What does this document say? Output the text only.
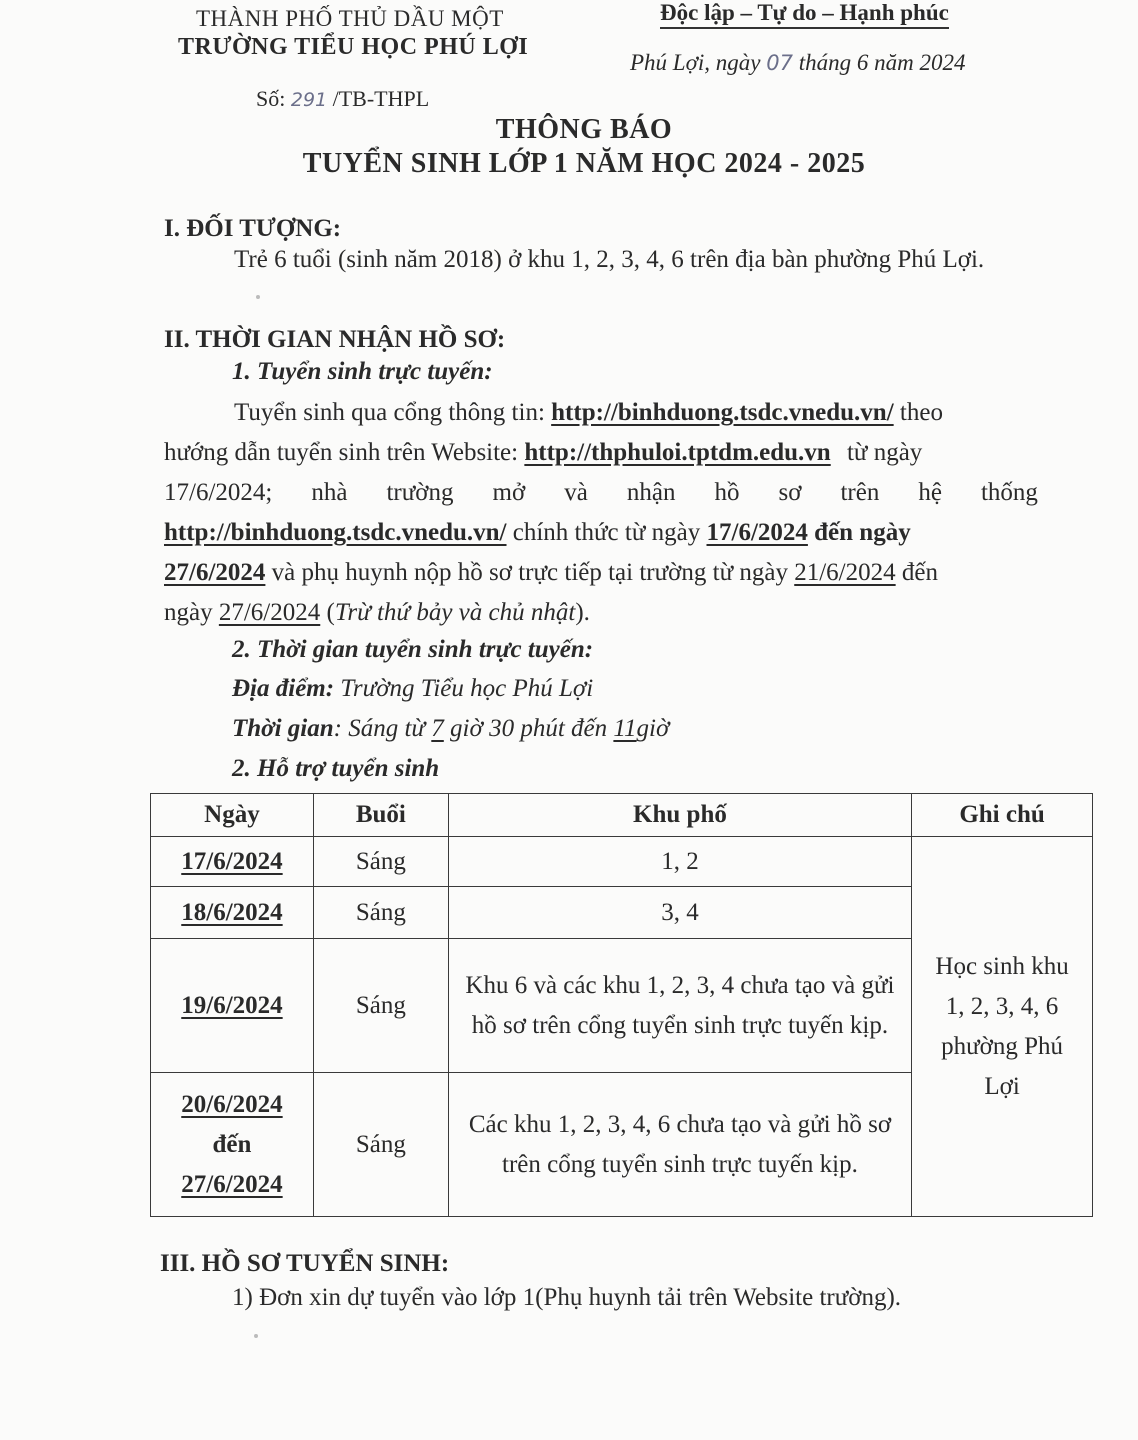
THÀNH PHỐ THỦ DẦU MỘT
TRƯỜNG TIỂU HỌC PHÚ LỢI
Số: 291 /TB-THPL
Độc lập – Tự do – Hạnh phúc
Phú Lợi, ngày 07 tháng 6 năm 2024
THÔNG BÁO
TUYỂN SINH LỚP 1 NĂM HỌC 2024 - 2025
I. ĐỐI TƯỢNG:
Trẻ 6 tuổi (sinh năm 2018) ở khu 1, 2, 3, 4, 6 trên địa bàn phường Phú Lợi.
II. THỜI GIAN NHẬN HỒ SƠ:
1. Tuyển sinh trực tuyến:
Tuyển sinh qua cổng thông tin: http://binhduong.tsdc.vnedu.vn/ theo
hướng dẫn tuyển sinh trên Website: http://thphuloi.tptdm.edu.vn từ ngày
17/6/2024; nhà trường mở và nhận hồ sơ trên hệ thống
http://binhduong.tsdc.vnedu.vn/ chính thức từ ngày 17/6/2024 đến ngày
27/6/2024 và phụ huynh nộp hồ sơ trực tiếp tại trường từ ngày 21/6/2024 đến
ngày 27/6/2024 (Trừ thứ bảy và chủ nhật).
2. Thời gian tuyển sinh trực tuyến:
Địa điểm: Trường Tiểu học Phú Lợi
Thời gian: Sáng từ 7 giờ 30 phút đến 11giờ
2. Hỗ trợ tuyển sinh
Ngày	Buổi	Khu phố	Ghi chú
17/6/2024	Sáng	1, 2	Học sinh khu 1, 2, 3, 4, 6 phường Phú Lợi
18/6/2024	Sáng	3, 4	
19/6/2024	Sáng	Khu 6 và các khu 1, 2, 3, 4 chưa tạo và gửi hồ sơ trên cổng tuyển sinh trực tuyến kịp.	
20/6/2024
đến
27/6/2024	Sáng	Các khu 1, 2, 3, 4, 6 chưa tạo và gửi hồ sơ trên cổng tuyển sinh trực tuyến kịp.	
III. HỒ SƠ TUYỂN SINH:
1) Đơn xin dự tuyển vào lớp 1(Phụ huynh tải trên Website trường).
